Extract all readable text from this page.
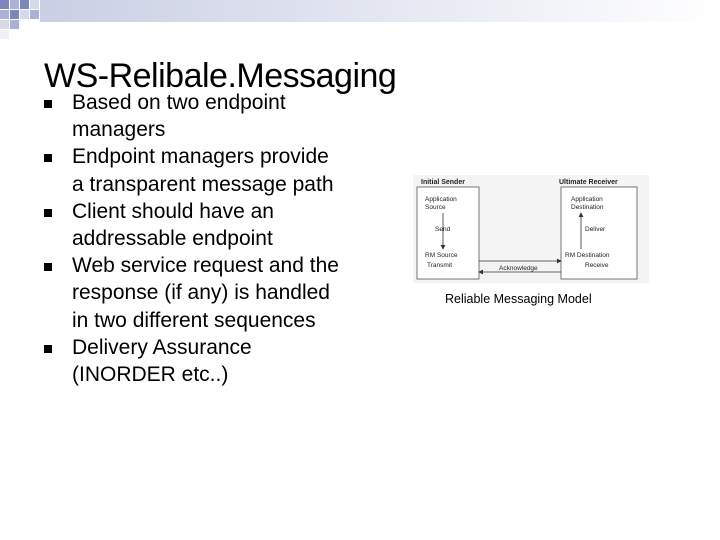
WS-Relibale.Messaging
Based on two endpoint managers
Endpoint managers provide a transparent message path
Client should have an addressable endpoint
Web service request and the response (if any) is handled in two different sequences
Delivery Assurance (INORDER etc..)
Initial Sender
Application
Source
Send
RM Source
Transmit
Ultimate Receiver
Application
Destination
Deliver
RM Destination
Receive
Acknowledge
Reliable Messaging Model
